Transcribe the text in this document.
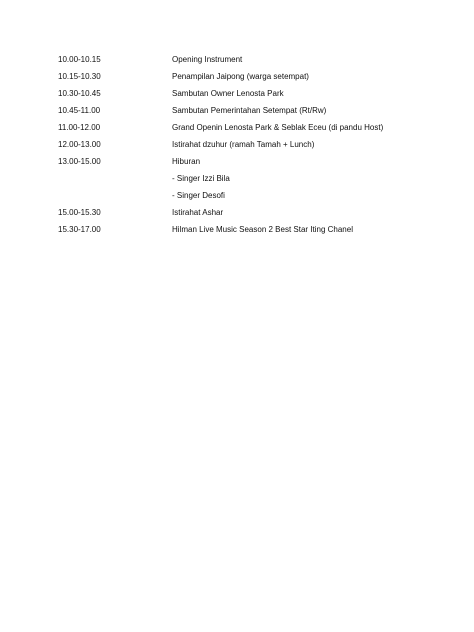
10.00-10.15	Opening Instrument
10.15-10.30	Penampilan Jaipong (warga setempat)
10.30-10.45	Sambutan Owner Lenosta Park
10.45-11.00	Sambutan Pemerintahan Setempat (Rt/Rw)
11.00-12.00	Grand Openin Lenosta Park & Seblak Eceu (di pandu Host)
12.00-13.00	Istirahat dzuhur (ramah Tamah + Lunch)
13.00-15.00	Hiburan
- Singer Izzi Bila
- Singer Desofi
15.00-15.30	Istirahat Ashar
15.30-17.00	Hilman Live Music Season 2 Best Star Iting Chanel
